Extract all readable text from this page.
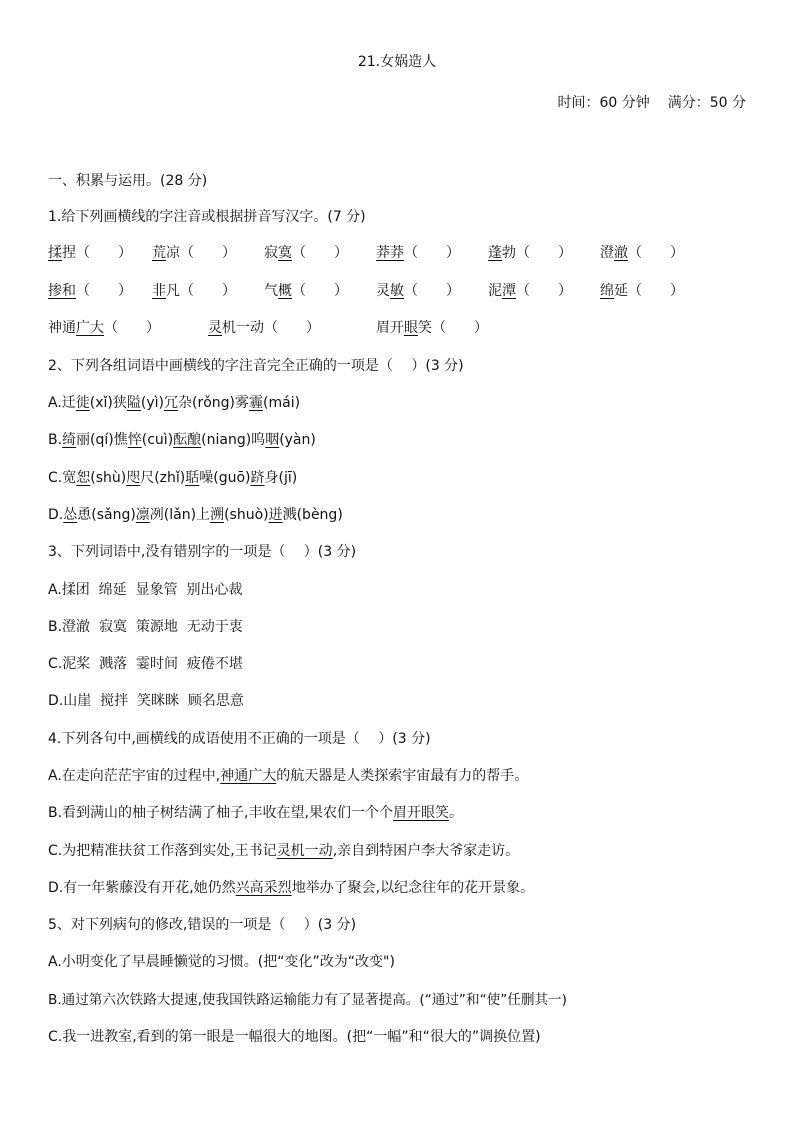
21.女娲造人
时间：60 分钟 满分：50 分
一、积累与运用。(28 分)
1.给下列画横线的字注音或根据拼音写汉字。(7 分)
揉捏（　　） 荒凉（　　） 寂寞（　　） 莽莽（　　） 蓬勃（　　） 澄澈（　　）
掺和（　　） 非凡（　　） 气概（　　） 灵敏（　　） 泥潭（　　） 绵延（　　）
神通广大（　　）	灵机一动（　　）	眉开眼笑（　　）
2、下列各组词语中画横线的字注音完全正确的一项是（　 ）(3 分)
A.迁徙(xǐ)狭隘(yì)冗杂(rǒng)雾霾(mái)
B.绮丽(qí)憔悴(cuì)酝酿(niang)呜咽(yàn)
C.宽恕(shù)咫尺(zhǐ)聒噪(guō)跻身(jī)
D.怂恿(sǎng)凛冽(lǎn)上溯(shuò)迸溅(bèng)
3、下列词语中,没有错别字的一项是（　 ）(3 分)
A.揉团  绵延  显象管  别出心裁
B.澄澈  寂寞  策源地  无动于衷
C.泥桨  溅落  霎时间  疲倦不堪
D.山崖  搅拌  笑眯眯  顾名思意
4.下列各句中,画横线的成语使用不正确的一项是（　 ）(3 分)
A.在走向茫茫宇宙的过程中,神通广大的航天器是人类探索宇宙最有力的帮手。
B.看到满山的柚子树结满了柚子,丰收在望,果农们一个个眉开眼笑。
C.为把精准扶贫工作落到实处,王书记灵机一动,亲自到特困户李大爷家走访。
D.有一年紫藤没有开花,她仍然兴高采烈地举办了聚会,以纪念往年的花开景象。
5、对下列病句的修改,错误的一项是（　 ）(3 分)
A.小明变化了早晨睡懒觉的习惯。(把“变化”改为“改变")
B.通过第六次铁路大提速,使我国铁路运输能力有了显著提高。(“通过”和“使”任删其一)
C.我一进教室,看到的第一眼是一幅很大的地图。(把“一幅”和“很大的”调换位置)
